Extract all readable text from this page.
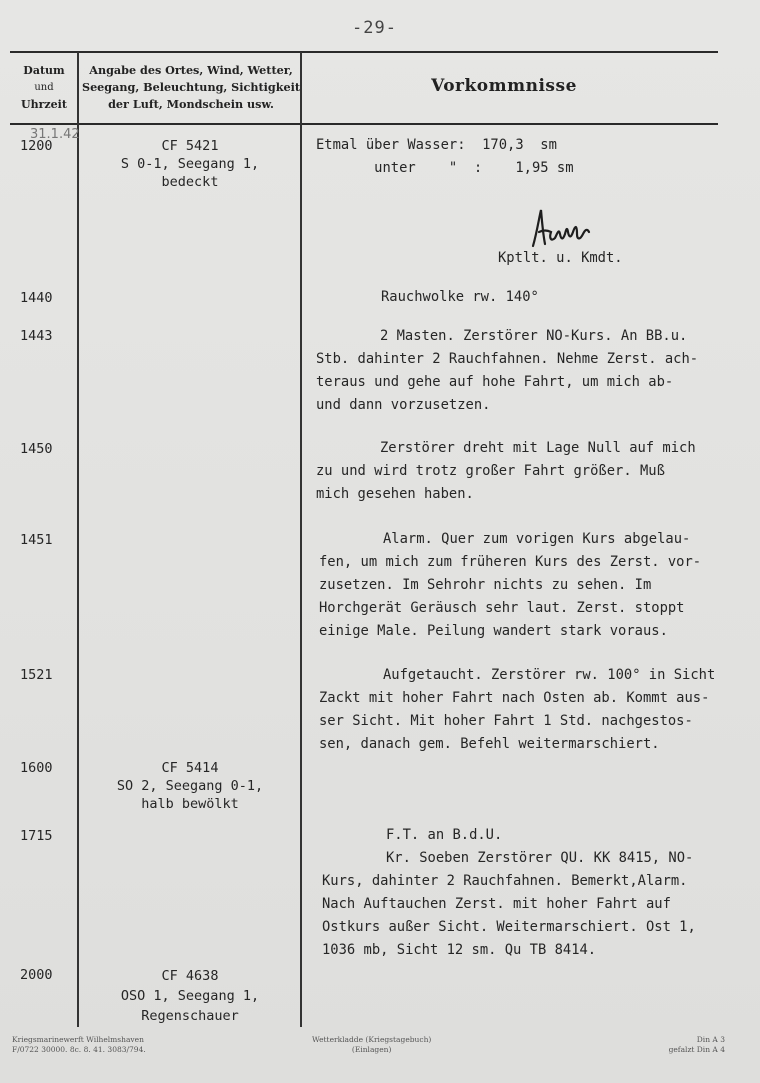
-29-
Datum
und
Uhrzeit
Angabe des Ortes, Wind, Wetter,
Seegang, Beleuchtung, Sichtigkeit
der Luft, Mondschein usw.
Vorkommnisse
31.1.42
1200
1440
1443
1450
1451
1521
1600
1715
2000
CF 5421
S 0-1, Seegang 1,
bedeckt
CF 5414
SO 2, Seegang 0-1,
halb bewölkt
CF 4638
OSO 1, Seegang 1,
Regenschauer
Etmal über Wasser:  170,3  sm
unter    "  :    1,95 sm
Kptlt. u. Kmdt.
Rauchwolke rw. 140°
2 Masten. Zerstörer NO-Kurs. An BB.u.
Stb. dahinter 2 Rauchfahnen. Nehme Zerst. ach-
teraus und gehe auf hohe Fahrt, um mich ab-
und dann vorzusetzen.
Zerstörer dreht mit Lage Null auf mich
zu und wird trotz großer Fahrt größer. Muß
mich gesehen haben.
Alarm. Quer zum vorigen Kurs abgelau-
fen, um mich zum früheren Kurs des Zerst. vor-
zusetzen. Im Sehrohr nichts zu sehen. Im
Horchgerät Geräusch sehr laut. Zerst. stoppt
einige Male. Peilung wandert stark voraus.
Aufgetaucht. Zerstörer rw. 100° in Sicht
Zackt mit hoher Fahrt nach Osten ab. Kommt aus-
ser Sicht. Mit hoher Fahrt 1 Std. nachgestos-
sen, danach gem. Befehl weitermarschiert.
F.T. an B.d.U.
Kr. Soeben Zerstörer QU. KK 8415, NO-
Kurs, dahinter 2 Rauchfahnen. Bemerkt,Alarm.
Nach Auftauchen Zerst. mit hoher Fahrt auf
Ostkurs außer Sicht. Weitermarschiert. Ost 1,
1036 mb, Sicht 12 sm. Qu TB 8414.
Kriegsmarinewerft Wilhelmshaven
F/0722 30000. 8c. 8. 41. 3083/794.
Wetterkladde (Kriegstagebuch)
(Einlagen)
Din A 3
gefalzt Din A 4
